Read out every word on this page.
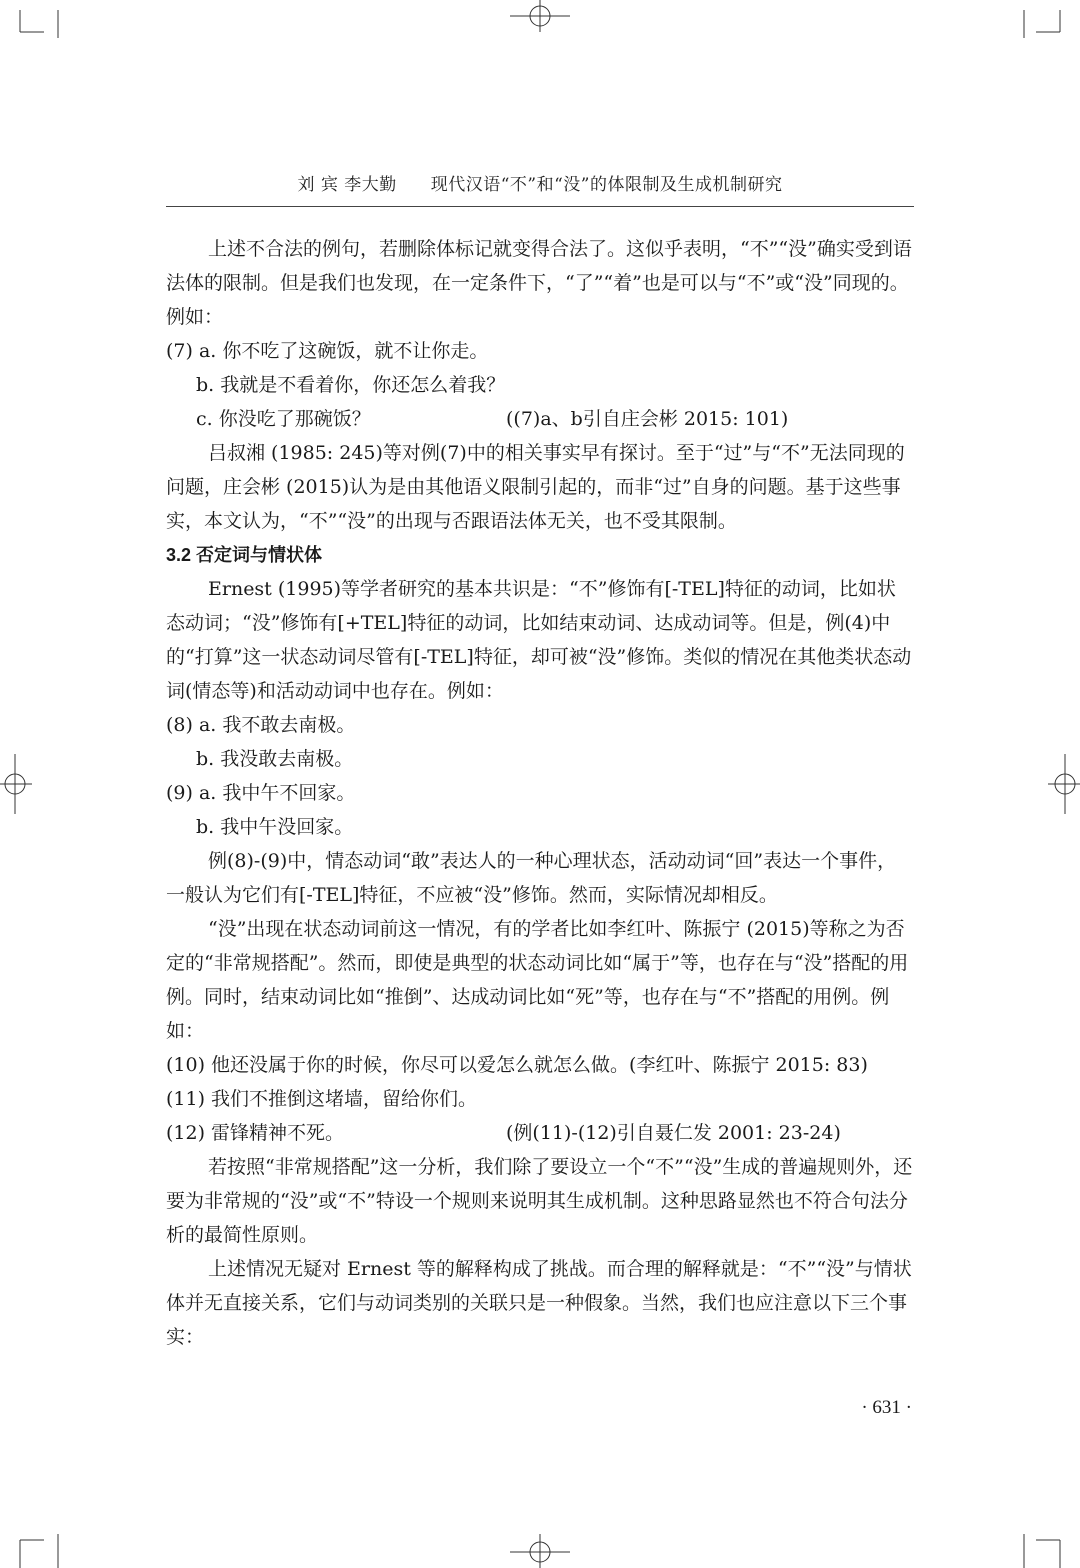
刘 宾 李大勤 现代汉语“不”和“没”的体限制及生成机制研究

上述不合法的例句，若删除体标记就变得合法了。这似乎表明，“不”“没”确实受到语法体的限制。但是我们也发现，在一定条件下，“了”“着”也是可以与“不”或“没”同现的。例如：

(7) a. 你不吃了这碗饭，就不让你走。

b. 我就是不看着你，你还怎么着我？

c. 你没吃了那碗饭？	((7)a、b引自庄会彬 2015: 101)

吕叔湘 (1985: 245)等对例(7)中的相关事实早有探讨。至于“过”与“不”无法同现的问题，庄会彬 (2015)认为是由其他语义限制引起的，而非“过”自身的问题。基于这些事实，本文认为，“不”“没”的出现与否跟语法体无关，也不受其限制。

3.2 否定词与情状体

Ernest (1995)等学者研究的基本共识是：“不”修饰有[-TEL]特征的动词，比如状态动词；“没”修饰有[+TEL]特征的动词，比如结束动词、达成动词等。但是，例(4)中的“打算”这一状态动词尽管有[-TEL]特征，却可被“没”修饰。类似的情况在其他类状态动词(情态等)和活动动词中也存在。例如：

(8) a. 我不敢去南极。

b. 我没敢去南极。

(9) a. 我中午不回家。

b. 我中午没回家。

例(8)-(9)中，情态动词“敢”表达人的一种心理状态，活动动词“回”表达一个事件，一般认为它们有[-TEL]特征，不应被“没”修饰。然而，实际情况却相反。

“没”出现在状态动词前这一情况，有的学者比如李红叶、陈振宁 (2015)等称之为否定的“非常规搭配”。然而，即使是典型的状态动词比如“属于”等，也存在与“没”搭配的用例。同时，结束动词比如“推倒”、达成动词比如“死”等，也存在与“不”搭配的用例。例如：

(10) 他还没属于你的时候，你尽可以爱怎么就怎么做。(李红叶、陈振宁 2015: 83)

(11) 我们不推倒这堵墙，留给你们。

(12) 雷锋精神不死。	(例(11)-(12)引自聂仁发 2001: 23-24)

若按照“非常规搭配”这一分析，我们除了要设立一个“不”“没”生成的普遍规则外，还要为非常规的“没”或“不”特设一个规则来说明其生成机制。这种思路显然也不符合句法分析的最简性原则。

上述情况无疑对 Ernest 等的解释构成了挑战。而合理的解释就是：“不”“没”与情状体并无直接关系，它们与动词类别的关联只是一种假象。当然，我们也应注意以下三个事实：

· 631 ·
